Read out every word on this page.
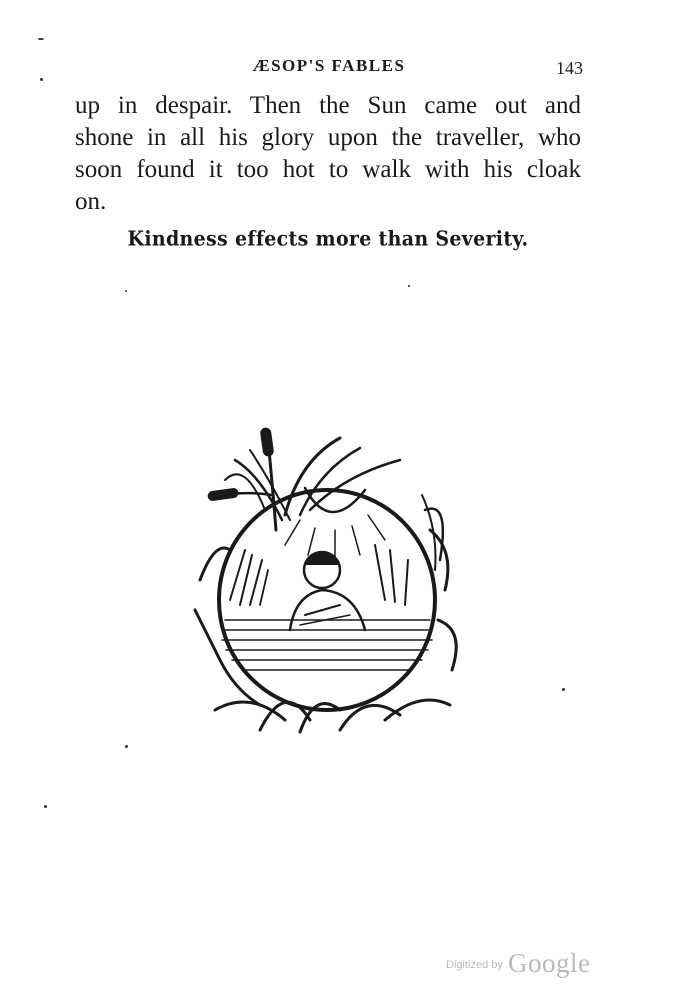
ÆSOP'S FABLES	143
up in despair. Then the Sun came out and
shone in all his glory upon the traveller, who
soon found it too hot to walk with his cloak
on.
Kindness effects more than Severity.
$^{Digitized by}$ Google
